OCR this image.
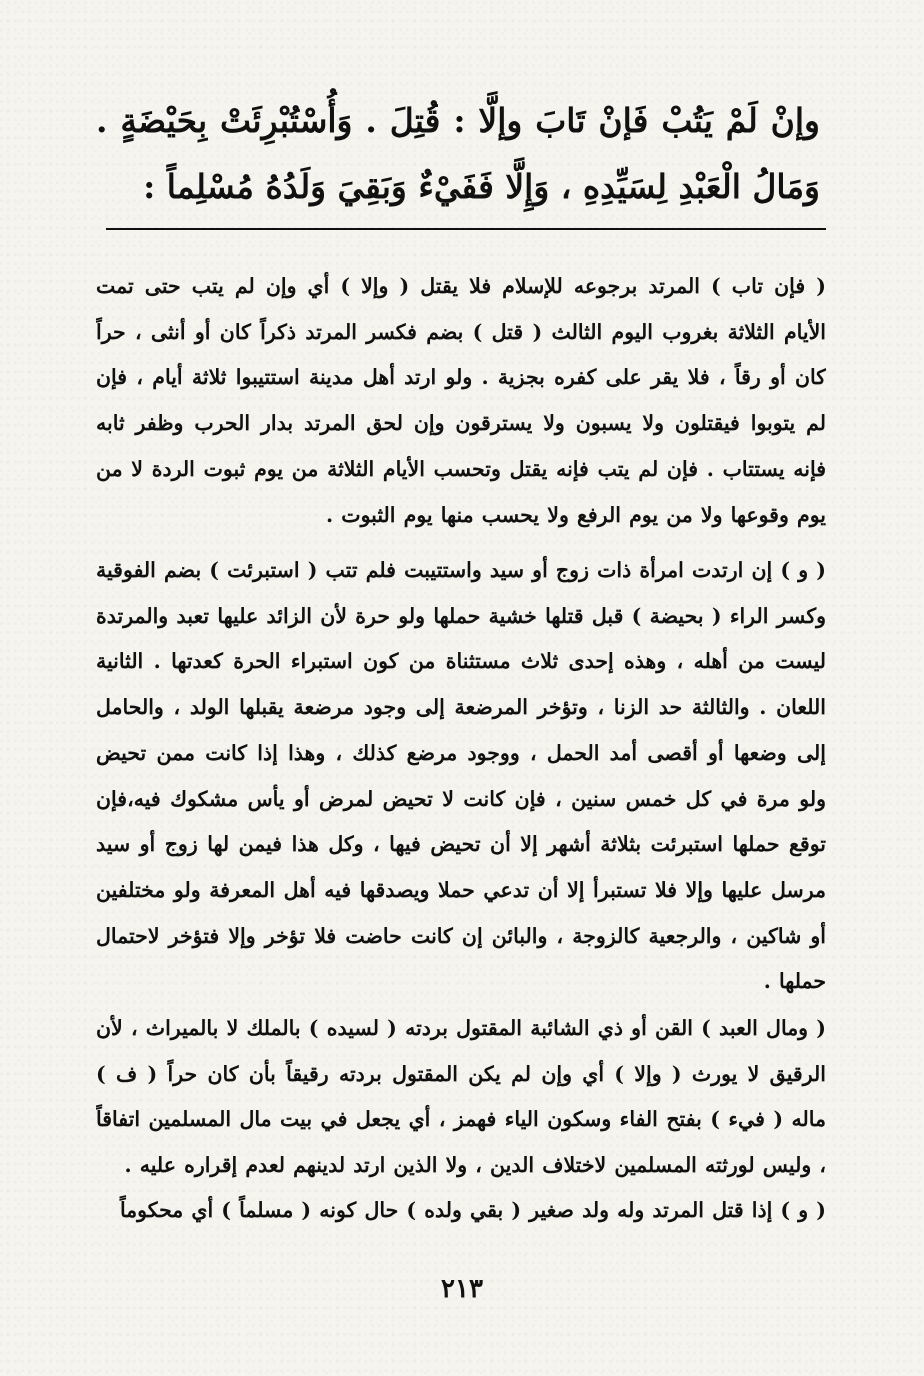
وإنْ لَمْ يَتُبْ فَإنْ تَابَ وإلَّا : قُتِلَ . وَأُسْتُبْرِئَتْ بِحَيْضَةٍ . وَمَالُ الْعَبْدِ لِسَيِّدِهِ ، وَإِلَّا فَفَيْءٌ وَبَقِيَ وَلَدُهُ مُسْلِماً :

( فإن تاب ) المرتد برجوعه للإسلام فلا يقتل ( وإلا ) أي وإن لم يتب حتى تمت الأيام الثلاثة بغروب اليوم الثالث ( قتل ) بضم فكسر المرتد ذكراً كان أو أنثى ، حراً كان أو رقاً ، فلا يقر على كفره بجزية . ولو ارتد أهل مدينة استتيبوا ثلاثة أيام ، فإن لم يتوبوا فيقتلون ولا يسبون ولا يسترقون وإن لحق المرتد بدار الحرب وظفر ثابه فإنه يستتاب . فإن لم يتب فإنه يقتل وتحسب الأيام الثلاثة من يوم ثبوت الردة لا من يوم وقوعها ولا من يوم الرفع ولا يحسب منها يوم الثبوت .

( و ) إن ارتدت امرأة ذات زوج أو سيد واستتيبت فلم تتب ( استبرئت ) بضم الفوقية وكسر الراء ( بحيضة ) قبل قتلها خشية حملها ولو حرة لأن الزائد عليها تعبد والمرتدة ليست من أهله ، وهذه إحدى ثلاث مستثناة من كون استبراء الحرة كعدتها . الثانية اللعان . والثالثة حد الزنا ، وتؤخر المرضعة إلى وجود مرضعة يقبلها الولد ، والحامل إلى وضعها أو أقصى أمد الحمل ، ووجود مرضع كذلك ، وهذا إذا كانت ممن تحيض ولو مرة في كل خمس سنين ، فإن كانت لا تحيض لمرض أو يأس مشكوك فيه،فإن توقع حملها استبرئت بثلاثة أشهر إلا أن تحيض فيها ، وكل هذا فيمن لها زوج أو سيد مرسل عليها وإلا فلا تستبرأ إلا أن تدعي حملا ويصدقها فيه أهل المعرفة ولو مختلفين أو شاكين ، والرجعية كالزوجة ، والبائن إن كانت حاضت فلا تؤخر وإلا فتؤخر لاحتمال حملها .

( ومال العبد ) القن أو ذي الشائبة المقتول بردته ( لسيده ) بالملك لا بالميراث ، لأن الرقيق لا يورث ( وإلا ) أي وإن لم يكن المقتول بردته رقيقاً بأن كان حراً ( ف ) ماله ( فيء ) بفتح الفاء وسكون الياء فهمز ، أي يجعل في بيت مال المسلمين اتفاقاً ، وليس لورثته المسلمين لاختلاف الدين ، ولا الذين ارتد لدينهم لعدم إقراره عليه .

( و ) إذا قتل المرتد وله ولد صغير ( بقي ولده ) حال كونه ( مسلماً ) أي محكوماً

٢١٣
